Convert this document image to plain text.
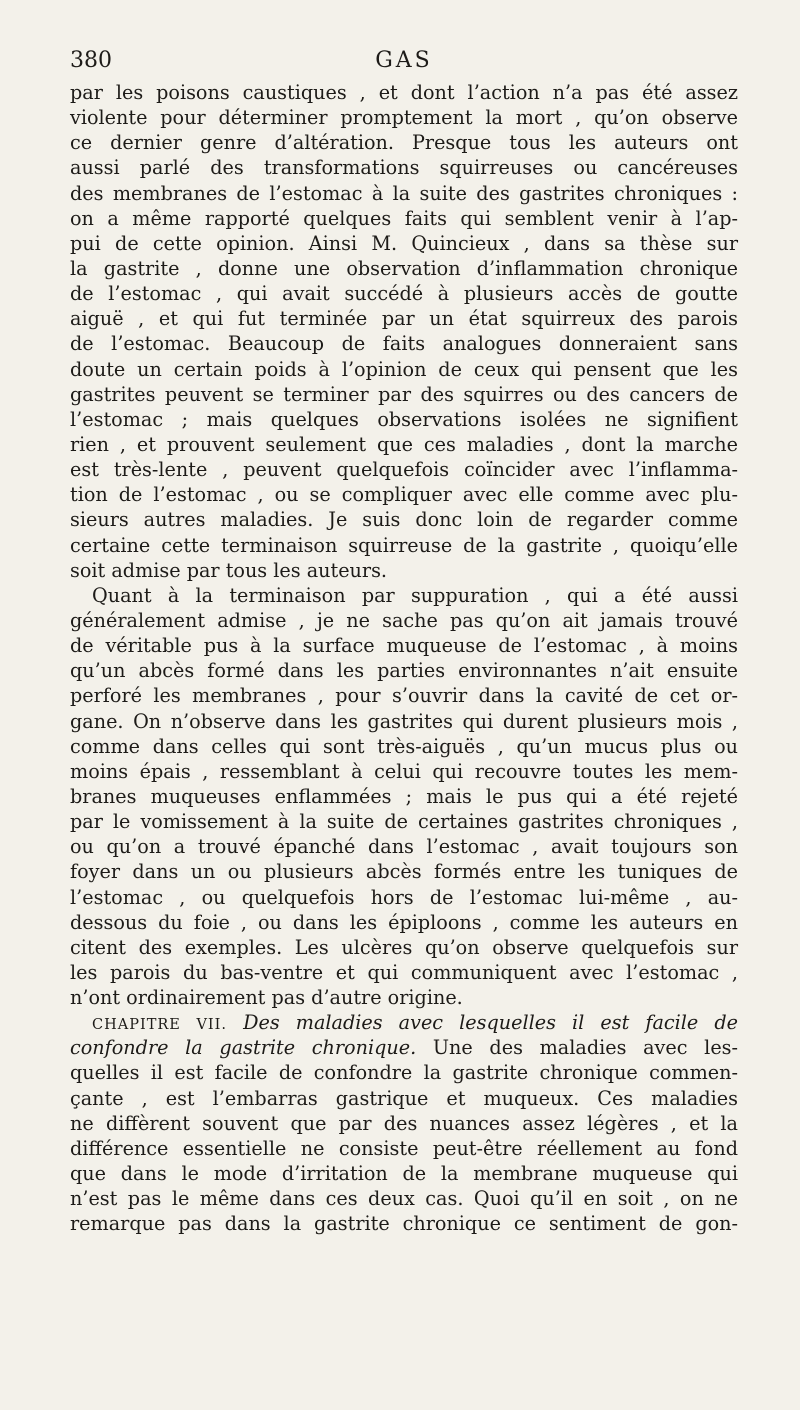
380	GAS
par les poisons caustiques , et dont l’action n’a pas été assez
violente pour déterminer promptement la mort , qu’on observe
ce dernier genre d’altération. Presque tous les auteurs ont
aussi parlé des transformations squirreuses ou cancéreuses
des membranes de l’estomac à la suite des gastrites chroniques :
on a même rapporté quelques faits qui semblent venir à l’ap-
pui de cette opinion. Ainsi M. Quincieux , dans sa thèse sur
la gastrite , donne une observation d’inflammation chronique
de l’estomac , qui avait succédé à plusieurs accès de goutte
aiguë , et qui fut terminée par un état squirreux des parois
de l’estomac. Beaucoup de faits analogues donneraient sans
doute un certain poids à l’opinion de ceux qui pensent que les
gastrites peuvent se terminer par des squirres ou des cancers de
l’estomac ; mais quelques observations isolées ne signifient
rien , et prouvent seulement que ces maladies , dont la marche
est très-lente , peuvent quelquefois coïncider avec l’inflamma-
tion de l’estomac , ou se compliquer avec elle comme avec plu-
sieurs autres maladies. Je suis donc loin de regarder comme
certaine cette terminaison squirreuse de la gastrite , quoiqu’elle
soit admise par tous les auteurs.
Quant à la terminaison par suppuration , qui a été aussi
généralement admise , je ne sache pas qu’on ait jamais trouvé
de véritable pus à la surface muqueuse de l’estomac , à moins
qu’un abcès formé dans les parties environnantes n’ait ensuite
perforé les membranes , pour s’ouvrir dans la cavité de cet or-
gane. On n’observe dans les gastrites qui durent plusieurs mois ,
comme dans celles qui sont très-aiguës , qu’un mucus plus ou
moins épais , ressemblant à celui qui recouvre toutes les mem-
branes muqueuses enflammées ; mais le pus qui a été rejeté
par le vomissement à la suite de certaines gastrites chroniques ,
ou qu’on a trouvé épanché dans l’estomac , avait toujours son
foyer dans un ou plusieurs abcès formés entre les tuniques de
l’estomac , ou quelquefois hors de l’estomac lui-même , au-
dessous du foie , ou dans les épiploons , comme les auteurs en
citent des exemples. Les ulcères qu’on observe quelquefois sur
les parois du bas-ventre et qui communiquent avec l’estomac ,
n’ont ordinairement pas d’autre origine.
CHAPITRE VII. Des maladies avec lesquelles il est facile de
confondre la gastrite chronique. Une des maladies avec les-
quelles il est facile de confondre la gastrite chronique commen-
çante , est l’embarras gastrique et muqueux. Ces maladies
ne diffèrent souvent que par des nuances assez légères , et la
différence essentielle ne consiste peut-être réellement au fond
que dans le mode d’irritation de la membrane muqueuse qui
n’est pas le même dans ces deux cas. Quoi qu’il en soit , on ne
remarque pas dans la gastrite chronique ce sentiment de gon-
